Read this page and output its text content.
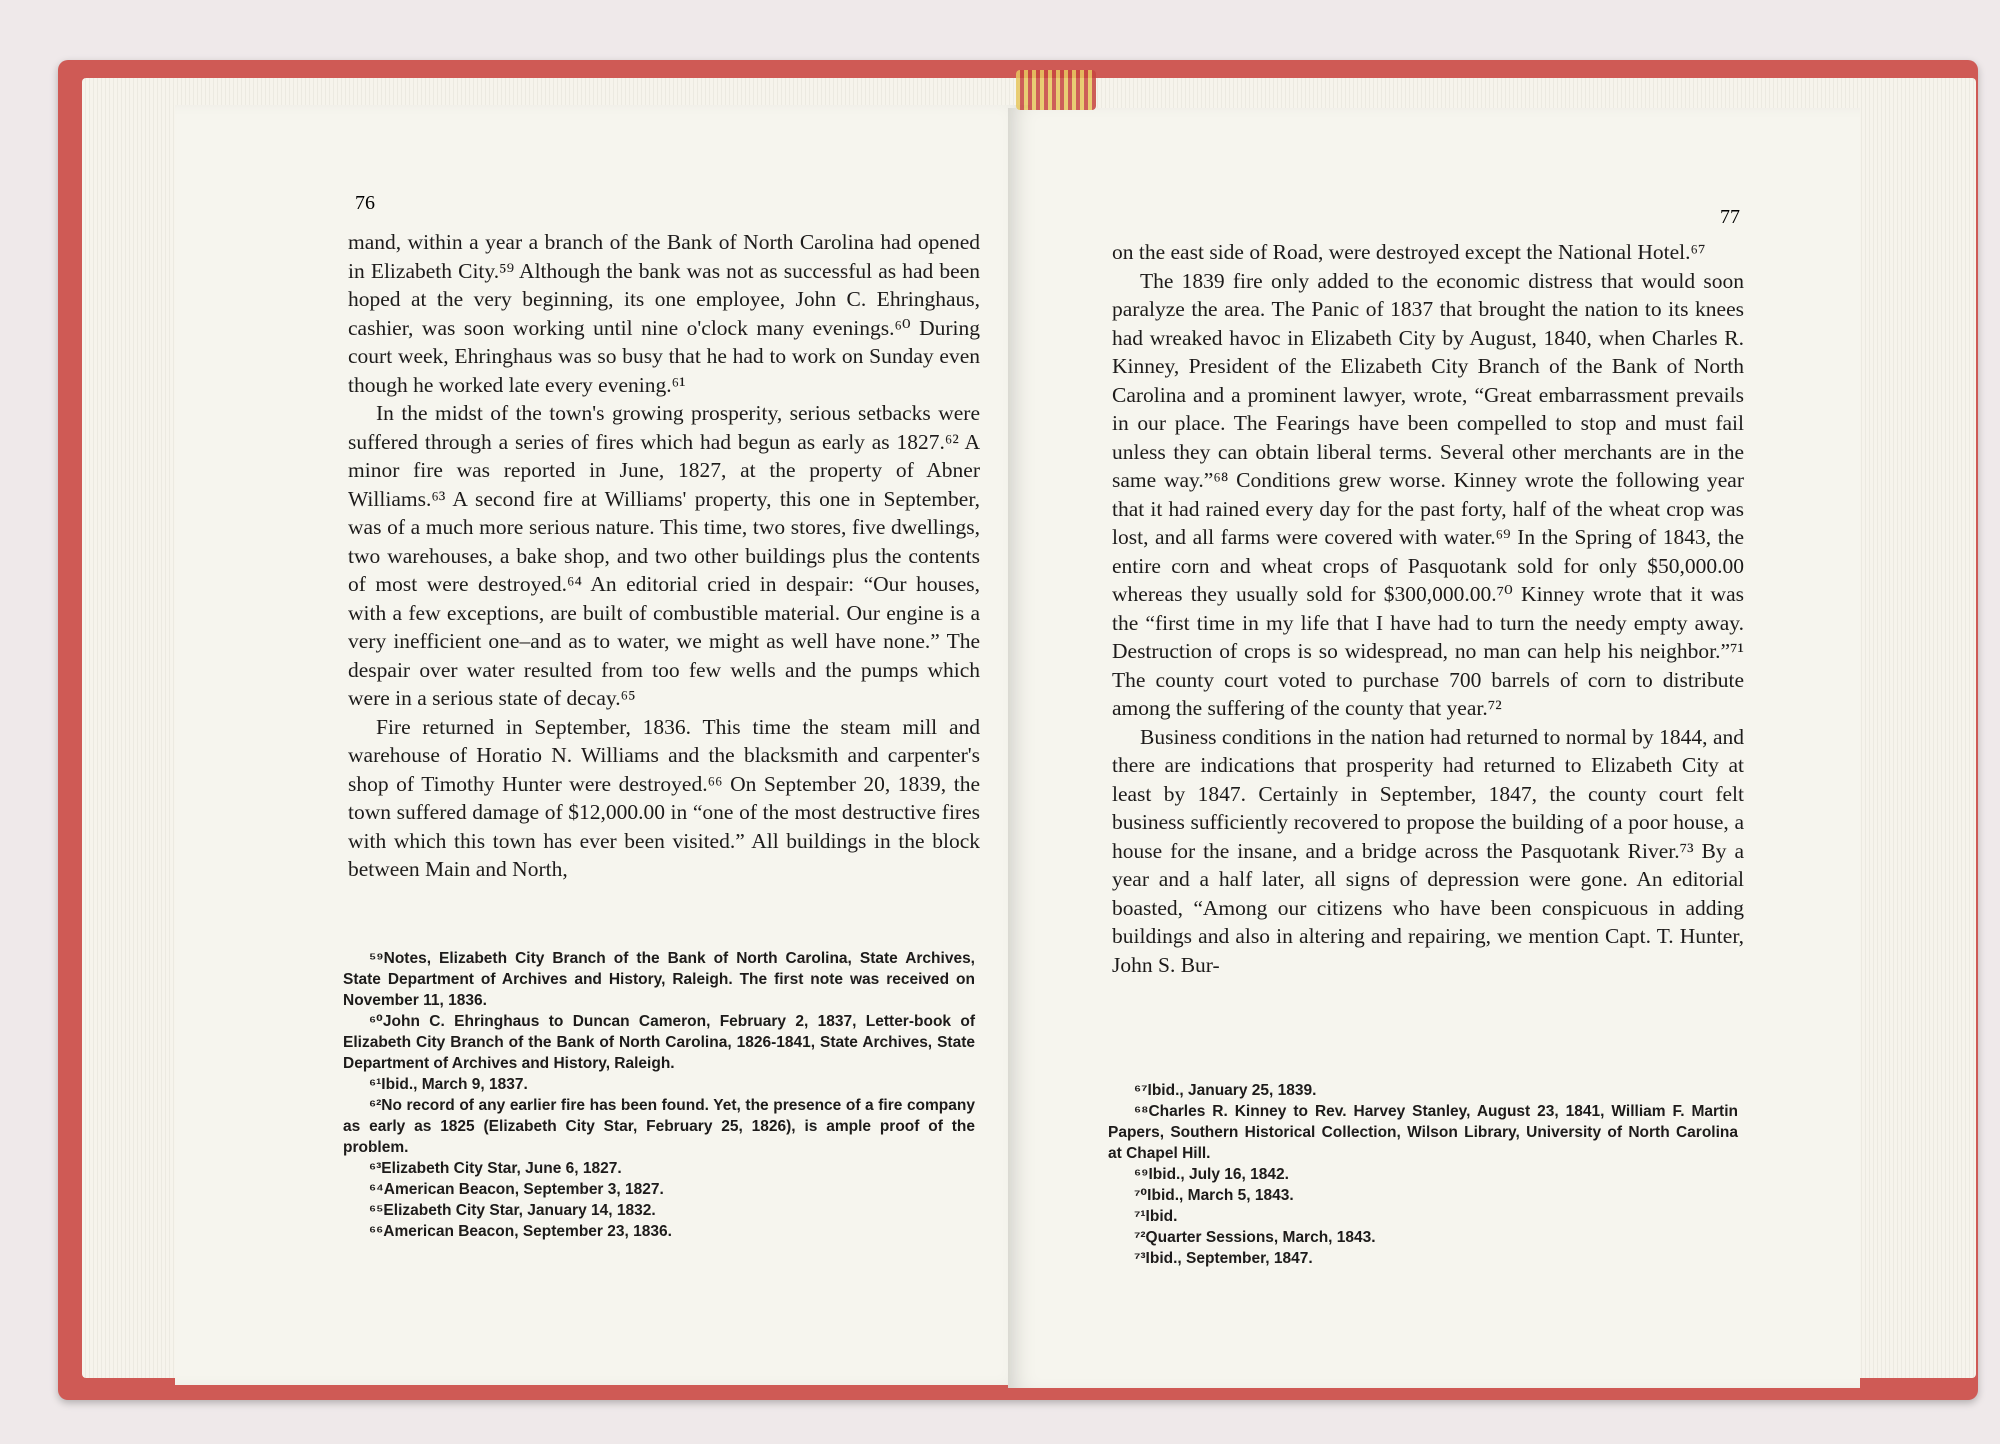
76

mand, within a year a branch of the Bank of North Carolina had opened in Elizabeth City.⁵⁹ Although the bank was not as successful as had been hoped at the very beginning, its one employee, John C. Ehringhaus, cashier, was soon working until nine o'clock many evenings.⁶⁰ During court week, Ehringhaus was so busy that he had to work on Sunday even though he worked late every evening.⁶¹

In the midst of the town's growing prosperity, serious setbacks were suffered through a series of fires which had begun as early as 1827.⁶² A minor fire was reported in June, 1827, at the property of Abner Williams.⁶³ A second fire at Williams' property, this one in September, was of a much more serious nature. This time, two stores, five dwellings, two warehouses, a bake shop, and two other buildings plus the contents of most were destroyed.⁶⁴ An editorial cried in despair: “Our houses, with a few exceptions, are built of combustible material. Our engine is a very inefficient one–and as to water, we might as well have none.” The despair over water resulted from too few wells and the pumps which were in a serious state of decay.⁶⁵

Fire returned in September, 1836. This time the steam mill and warehouse of Horatio N. Williams and the blacksmith and carpenter's shop of Timothy Hunter were destroyed.⁶⁶ On September 20, 1839, the town suffered damage of $12,000.00 in “one of the most destructive fires with which this town has ever been visited.” All buildings in the block between Main and North,

⁵⁹Notes, Elizabeth City Branch of the Bank of North Carolina, State Archives, State Department of Archives and History, Raleigh. The first note was received on November 11, 1836.

⁶⁰John C. Ehringhaus to Duncan Cameron, February 2, 1837, Letter-book of Elizabeth City Branch of the Bank of North Carolina, 1826-1841, State Archives, State Department of Archives and History, Raleigh.

⁶¹Ibid., March 9, 1837.

⁶²No record of any earlier fire has been found. Yet, the presence of a fire company as early as 1825 (Elizabeth City Star, February 25, 1826), is ample proof of the problem.

⁶³Elizabeth City Star, June 6, 1827.

⁶⁴American Beacon, September 3, 1827.

⁶⁵Elizabeth City Star, January 14, 1832.

⁶⁶American Beacon, September 23, 1836.

77

on the east side of Road, were destroyed except the National Hotel.⁶⁷

The 1839 fire only added to the economic distress that would soon paralyze the area. The Panic of 1837 that brought the nation to its knees had wreaked havoc in Elizabeth City by August, 1840, when Charles R. Kinney, President of the Elizabeth City Branch of the Bank of North Carolina and a prominent lawyer, wrote, “Great embarrassment prevails in our place. The Fearings have been compelled to stop and must fail unless they can obtain liberal terms. Several other merchants are in the same way.”⁶⁸ Conditions grew worse. Kinney wrote the following year that it had rained every day for the past forty, half of the wheat crop was lost, and all farms were covered with water.⁶⁹ In the Spring of 1843, the entire corn and wheat crops of Pasquotank sold for only $50,000.00 whereas they usually sold for $300,000.00.⁷⁰ Kinney wrote that it was the “first time in my life that I have had to turn the needy empty away. Destruction of crops is so widespread, no man can help his neighbor.”⁷¹ The county court voted to purchase 700 barrels of corn to distribute among the suffering of the county that year.⁷²

Business conditions in the nation had returned to normal by 1844, and there are indications that prosperity had returned to Elizabeth City at least by 1847. Certainly in September, 1847, the county court felt business sufficiently recovered to propose the building of a poor house, a house for the insane, and a bridge across the Pasquotank River.⁷³ By a year and a half later, all signs of depression were gone. An editorial boasted, “Among our citizens who have been conspicuous in adding buildings and also in altering and repairing, we mention Capt. T. Hunter, John S. Bur-

⁶⁷Ibid., January 25, 1839.

⁶⁸Charles R. Kinney to Rev. Harvey Stanley, August 23, 1841, William F. Martin Papers, Southern Historical Collection, Wilson Library, University of North Carolina at Chapel Hill.

⁶⁹Ibid., July 16, 1842.

⁷⁰Ibid., March 5, 1843.

⁷¹Ibid.

⁷²Quarter Sessions, March, 1843.

⁷³Ibid., September, 1847.
